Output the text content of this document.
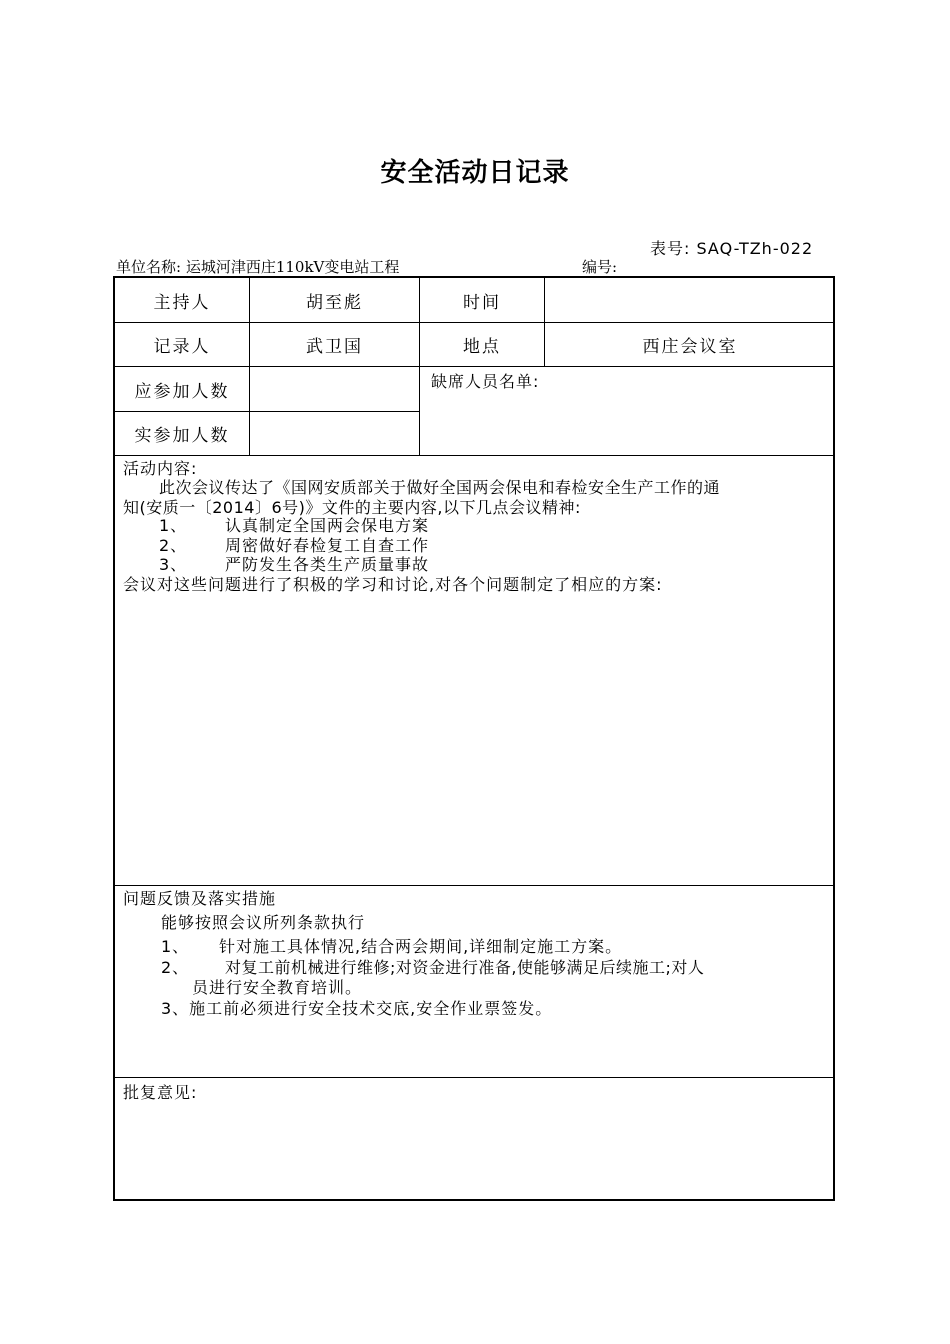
安全活动日记录
表号: SAQ-TZh-022
单位名称: 运城河津西庄110kV变电站工程	编号:
主持人	胡至彪	时间
记录人	武卫国	地点	西庄会议室
应参加人数
实参加人数
缺席人员名单:
活动内容:
此次会议传达了《国网安质部关于做好全国两会保电和春检安全生产工作的通
知(安质一〔2014〕6号)》文件的主要内容,以下几点会议精神:
1、 认真制定全国两会保电方案
2、 周密做好春检复工自查工作
3、 严防发生各类生产质量事故
会议对这些问题进行了积极的学习和讨论,对各个问题制定了相应的方案:
问题反馈及落实措施
能够按照会议所列条款执行
1、 针对施工具体情况,结合两会期间,详细制定施工方案。
2、 对复工前机械进行维修;对资金进行准备,使能够满足后续施工;对人
员进行安全教育培训。
3、施工前必须进行安全技术交底,安全作业票签发。
批复意见:
